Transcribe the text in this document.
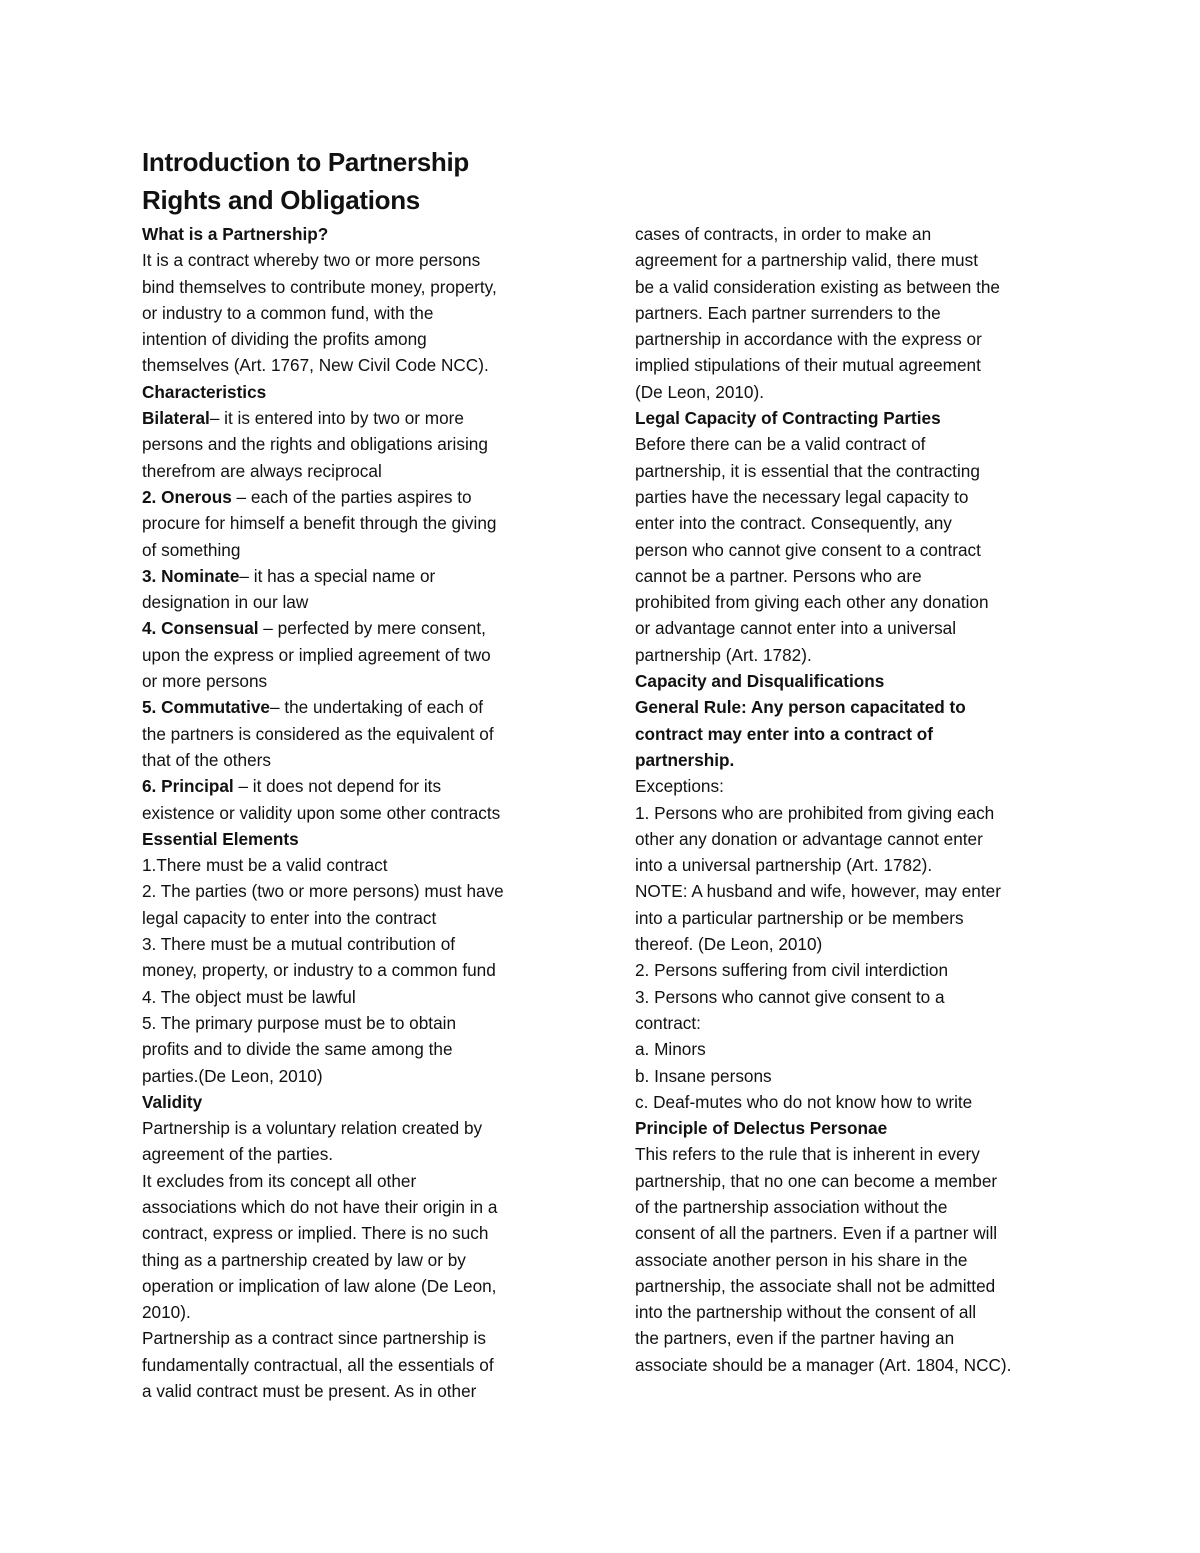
Introduction to Partnership
Rights and Obligations
What is a Partnership?
It is a contract whereby two or more persons
bind themselves to contribute money, property,
or industry to a common fund, with the
intention of dividing the profits among
themselves (Art. 1767, New Civil Code NCC).
Characteristics
Bilateral– it is entered into by two or more
persons and the rights and obligations arising
therefrom are always reciprocal
2. Onerous – each of the parties aspires to
procure for himself a benefit through the giving
of something
3. Nominate– it has a special name or
designation in our law
4. Consensual – perfected by mere consent,
upon the express or implied agreement of two
or more persons
5. Commutative– the undertaking of each of
the partners is considered as the equivalent of
that of the others
6. Principal – it does not depend for its
existence or validity upon some other contracts
Essential Elements
1.There must be a valid contract
2. The parties (two or more persons) must have
legal capacity to enter into the contract
3. There must be a mutual contribution of
money, property, or industry to a common fund
4. The object must be lawful
5. The primary purpose must be to obtain
profits and to divide the same among the
parties.(De Leon, 2010)
Validity
Partnership is a voluntary relation created by
agreement of the parties.
It excludes from its concept all other
associations which do not have their origin in a
contract, express or implied. There is no such
thing as a partnership created by law or by
operation or implication of law alone (De Leon,
2010).
Partnership as a contract since partnership is
fundamentally contractual, all the essentials of
a valid contract must be present. As in other
cases of contracts, in order to make an
agreement for a partnership valid, there must
be a valid consideration existing as between the
partners. Each partner surrenders to the
partnership in accordance with the express or
implied stipulations of their mutual agreement
(De Leon, 2010).
Legal Capacity of Contracting Parties
Before there can be a valid contract of
partnership, it is essential that the contracting
parties have the necessary legal capacity to
enter into the contract. Consequently, any
person who cannot give consent to a contract
cannot be a partner. Persons who are
prohibited from giving each other any donation
or advantage cannot enter into a universal
partnership (Art. 1782).
Capacity and Disqualifications
General Rule: Any person capacitated to
contract may enter into a contract of
partnership.
Exceptions:
1. Persons who are prohibited from giving each
other any donation or advantage cannot enter
into a universal partnership (Art. 1782).
NOTE: A husband and wife, however, may enter
into a particular partnership or be members
thereof. (De Leon, 2010)
2. Persons suffering from civil interdiction
3. Persons who cannot give consent to a
contract:
a. Minors
b. Insane persons
c. Deaf-mutes who do not know how to write
Principle of Delectus Personae
This refers to the rule that is inherent in every
partnership, that no one can become a member
of the partnership association without the
consent of all the partners. Even if a partner will
associate another person in his share in the
partnership, the associate shall not be admitted
into the partnership without the consent of all
the partners, even if the partner having an
associate should be a manager (Art. 1804, NCC).
